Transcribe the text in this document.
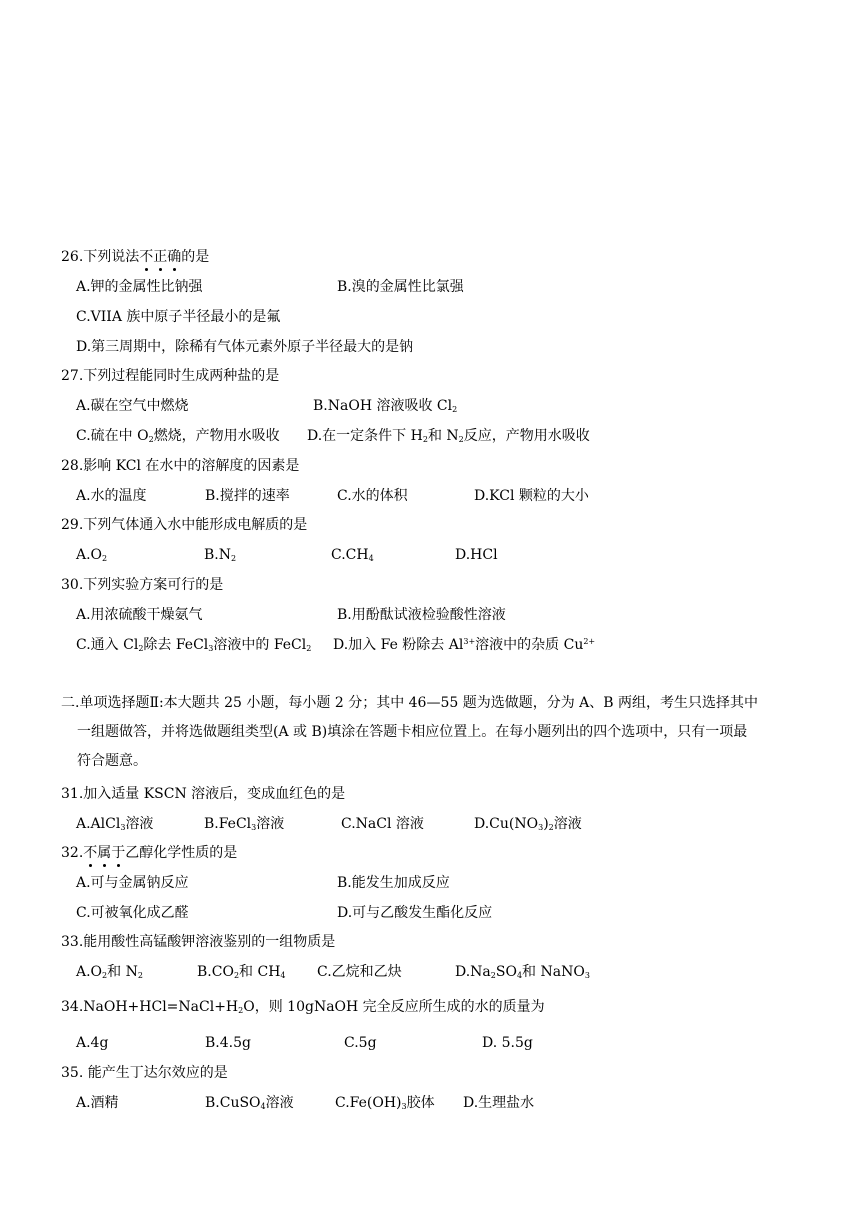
26.下列说法不正确的是
A.钾的金属性比钠强	B.溴的金属性比氯强
C.VIIA 族中原子半径最小的是氟
D.第三周期中，除稀有气体元素外原子半径最大的是钠
27.下列过程能同时生成两种盐的是
A.碳在空气中燃烧	B.NaOH 溶液吸收 $Cl_2$
C.硫在中 $O_2$燃烧，产物用水吸收 D.在一定条件下 $H_2$和 $N_2$反应，产物用水吸收
28.影响 KCl 在水中的溶解度的因素是
A.水的温度	B.搅拌的速率	C.水的体积	D.KCl 颗粒的大小
29.下列气体通入水中能形成电解质的是
$A.O_2$	$B.N_2$	$C.CH_4$	D.HCl
30.下列实验方案可行的是
A.用浓硫酸干燥氨气	B.用酚酞试液检验酸性溶液
C.通入 $Cl_2$除去 FeCl$_3$溶液中的 FeCl$_2$ D.加入 Fe 粉除去 $Al^{3+}$溶液中的杂质 $Cu^{2+}$
二.单项选择题Ⅱ:本大题共 25 小题，每小题 2 分；其中 46—55 题为选做题，分为 A、B 两组，考生只选择其中
一组题做答，并将选做题组类型(A 或 B)填涂在答题卡相应位置上。在每小题列出的四个选项中，只有一项最
符合题意。
31.加入适量 KSCN 溶液后，变成血红色的是
A.AlCl$_3$溶液	B.FeCl$_3$溶液	C.NaCl 溶液	$D.Cu(NO_3)_2$溶液
32.不属于乙醇化学性质的是
A.可与金属钠反应	B.能发生加成反应
C.可被氧化成乙醛	D.可与乙酸发生酯化反应
33.能用酸性高锰酸钾溶液鉴别的一组物质是
$A.O_2$和 $N_2$	$B.CO_2$和 $CH_4$ C.乙烷和乙炔	$D.Na_2SO_4$和 NaNO$_3$
$34.NaOH+HCl=NaCl+H_2O$，则 10gNaOH 完全反应所生成的水的质量为
A.4g	B.4.5g	C.5g	D. 5.5g
35. 能产生丁达尔效应的是
A.酒精	B.CuSO$_4$溶液	$C.Fe(OH)_3$胶体 D.生理盐水
